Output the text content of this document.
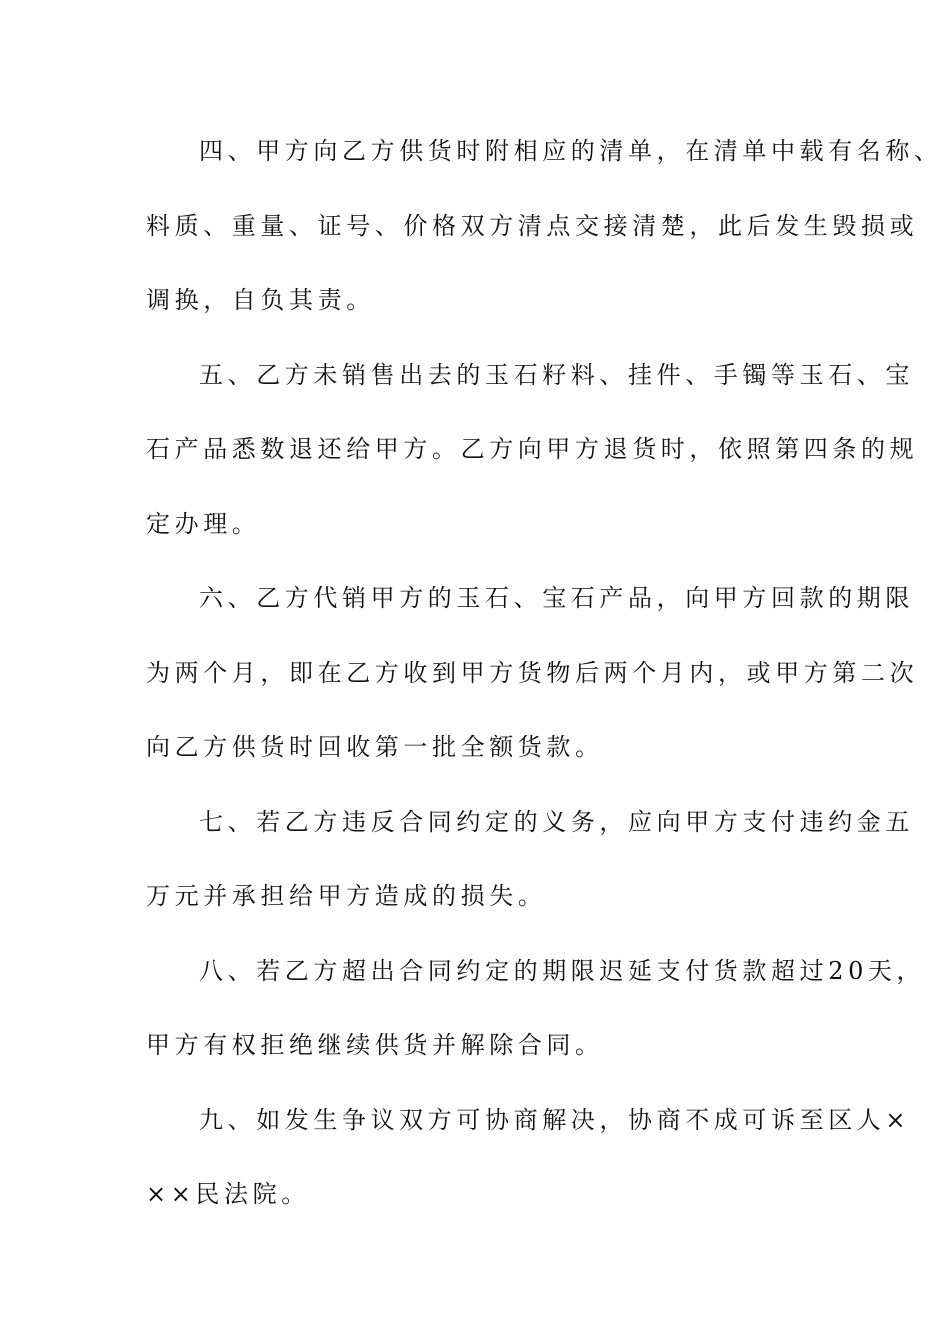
四、甲方向乙方供货时附相应的清单，在清单中载有名称、
料质、重量、证号、价格双方清点交接清楚，此后发生毁损或
调换，自负其责。

五、乙方未销售出去的玉石籽料、挂件、手镯等玉石、宝
石产品悉数退还给甲方。乙方向甲方退货时，依照第四条的规
定办理。

六、乙方代销甲方的玉石、宝石产品，向甲方回款的期限
为两个月，即在乙方收到甲方货物后两个月内，或甲方第二次
向乙方供货时回收第一批全额货款。

七、若乙方违反合同约定的义务，应向甲方支付违约金五
万元并承担给甲方造成的损失。

八、若乙方超出合同约定的期限迟延支付货款超过20天，
甲方有权拒绝继续供货并解除合同。

九、如发生争议双方可协商解决，协商不成可诉至区人×
××民法院。
